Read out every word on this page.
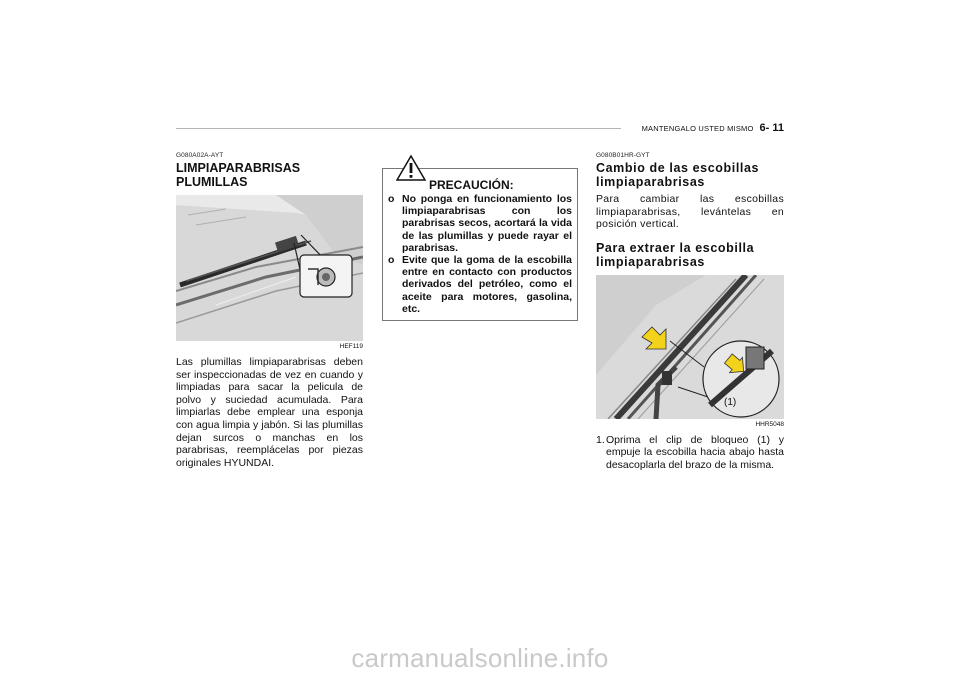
MANTENGALO USTED MISMO 6- 11
G080A02A-AYT
LIMPIAPARABRISAS
PLUMILLAS
HEF119
Las plumillas limpiaparabrisas deben ser inspeccionadas de vez en cuando y limpiadas para sacar la pelicula de polvo y suciedad acumulada. Para limpiarlas debe emplear una esponja con agua limpia y jabón. Si las plumillas dejan surcos o manchas en los parabrisas, reemplácelas por piezas originales HYUNDAI.
PRECAUCIÓN:
o No ponga en funcionamiento los limpiaparabrisas con los parabrisas secos, acortará la vida de las plumillas y puede rayar el parabrisas.
o Evite que la goma de la escobilla entre en contacto con productos derivados del petróleo, como el aceite para motores, gasolina, etc.
G080B01HR-GYT
Cambio de las escobillas limpiaparabrisas
Para cambiar las escobillas limpiaparabrisas, levántelas en posición vertical.
Para extraer la escobilla limpiaparabrisas
(1)
HHR5048
1. Oprima el clip de bloqueo (1) y empuje la escobilla hacia abajo hasta desacoplarla del brazo de la misma.
carmanualsonline.info
